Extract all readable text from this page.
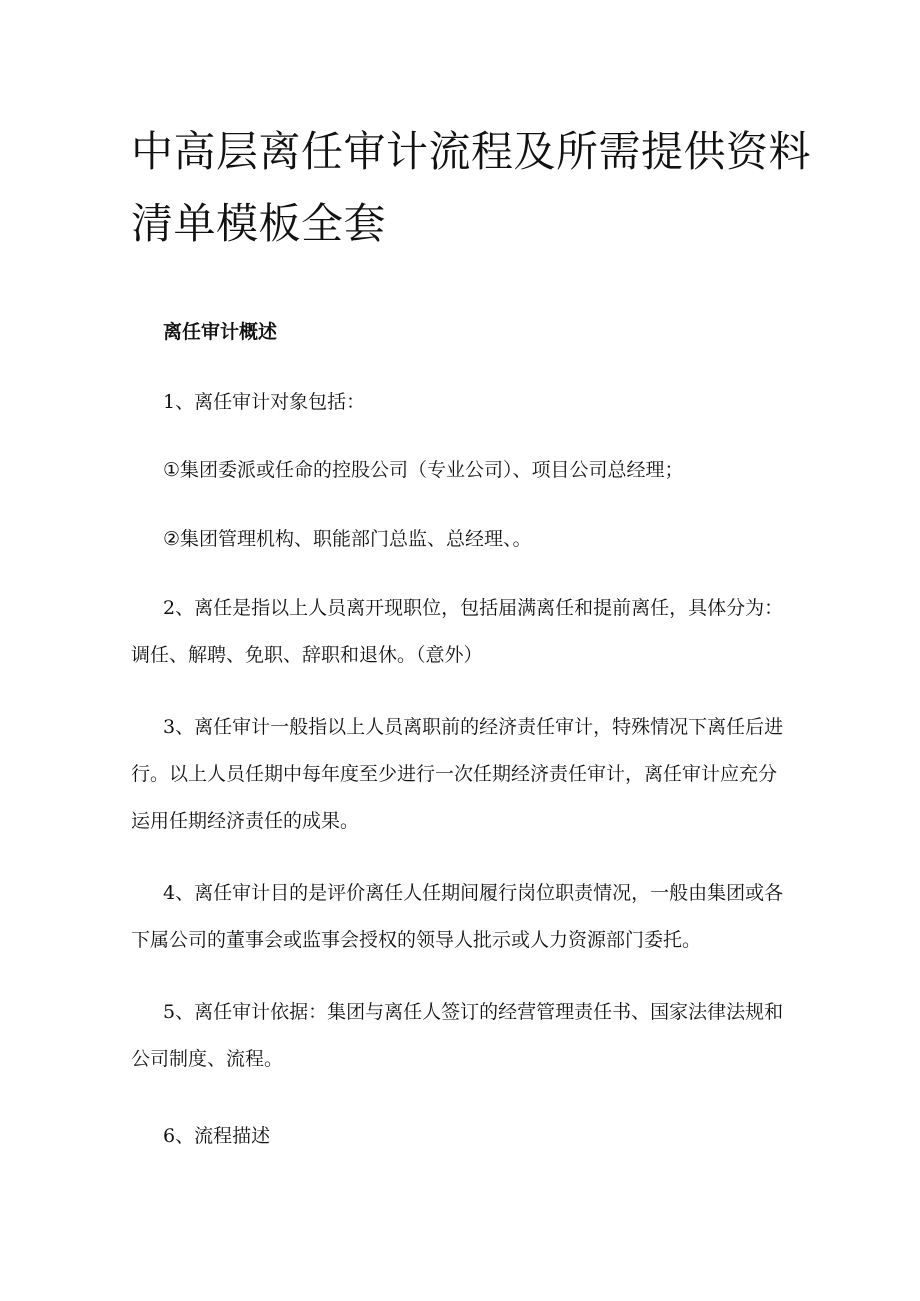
中高层离任审计流程及所需提供资料清单模板全套
离任审计概述

1、离任审计对象包括：

①集团委派或任命的控股公司（专业公司）、项目公司总经理；

②集团管理机构、职能部门总监、总经理、。

2、离任是指以上人员离开现职位，包括届满离任和提前离任，具体分为：调任、解聘、免职、辞职和退休。（意外）

3、离任审计一般指以上人员离职前的经济责任审计，特殊情况下离任后进行。以上人员任期中每年度至少进行一次任期经济责任审计，离任审计应充分运用任期经济责任的成果。

4、离任审计目的是评价离任人任期间履行岗位职责情况，一般由集团或各下属公司的董事会或监事会授权的领导人批示或人力资源部门委托。

5、离任审计依据：集团与离任人签订的经营管理责任书、国家法律法规和公司制度、流程。

6、流程描述
